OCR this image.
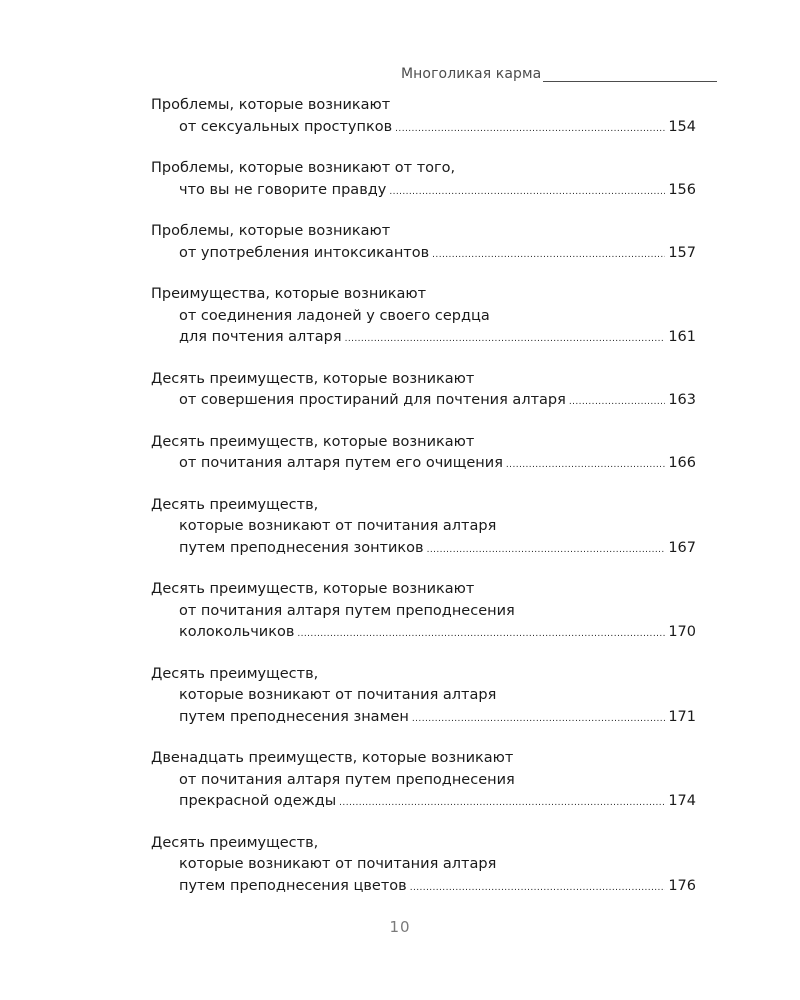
Многоликая карма
Проблемы, которые возникают
от сексуальных проступков .....	154
Проблемы, которые возникают от того,
что вы не говорите правду .....	156
Проблемы, которые возникают
от употребления интоксикантов .....	157
Преимущества, которые возникают
от соединения ладоней у своего сердца
для почтения алтаря .....	161
Десять преимуществ, которые возникают
от совершения простираний для почтения алтаря .....	163
Десять преимуществ, которые возникают
от почитания алтаря путем его очищения .....	166
Десять преимуществ,
которые возникают от почитания алтаря
путем преподнесения зонтиков .....	167
Десять преимуществ, которые возникают
от почитания алтаря путем преподнесения
колокольчиков .....	170
Десять преимуществ,
которые возникают от почитания алтаря
путем преподнесения знамен .....	171
Двенадцать преимуществ, которые возникают
от почитания алтаря путем преподнесения
прекрасной одежды .....	174
Десять преимуществ,
которые возникают от почитания алтаря
путем преподнесения цветов .....	176
10
